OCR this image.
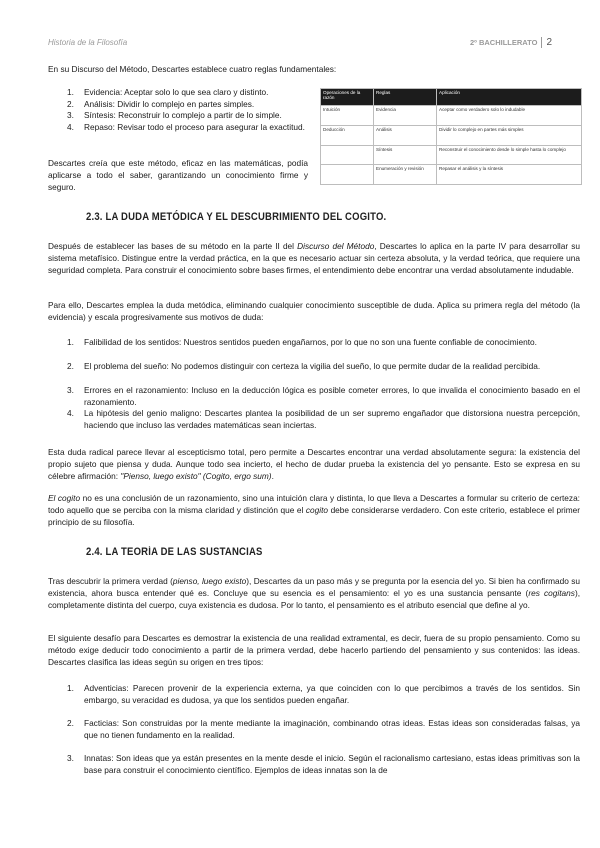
Historia de la Filosofía	2º BACHILLERATO 2

En su Discurso del Método, Descartes establece cuatro reglas fundamentales:

1. Evidencia: Aceptar solo lo que sea claro y distinto.

2. Análisis: Dividir lo complejo en partes simples.

3. Síntesis: Reconstruir lo complejo a partir de lo simple.

4. Repaso: Revisar todo el proceso para asegurar la exactitud.

Descartes creía que este método, eficaz en las matemáticas, podía aplicarse a todo el saber, garantizando un conocimiento firme y seguro.

Operaciones de la razón	Reglas	Aplicación
Intuición	Evidencia	Aceptar como verdadero solo lo indudable
Deducción	Análisis	Dividir lo complejo en partes más simples
	Síntesis	Reconstruir el conocimiento desde lo simple hasta lo complejo
	Enumeración y revisión	Repasar el análisis y la síntesis
2.3. LA DUDA METÓDICA Y EL DESCUBRIMIENTO DEL COGITO.

Después de establecer las bases de su método en la parte II del Discurso del Método, Descartes lo aplica en la parte IV para desarrollar su sistema metafísico. Distingue entre la verdad práctica, en la que es necesario actuar sin certeza absoluta, y la verdad teórica, que requiere una seguridad completa. Para construir el conocimiento sobre bases firmes, el entendimiento debe encontrar una verdad absolutamente indudable.

Para ello, Descartes emplea la duda metódica, eliminando cualquier conocimiento susceptible de duda. Aplica su primera regla del método (la evidencia) y escala progresivamente sus motivos de duda:

1. Falibilidad de los sentidos: Nuestros sentidos pueden engañarnos, por lo que no son una fuente confiable de conocimiento.

2. El problema del sueño: No podemos distinguir con certeza la vigilia del sueño, lo que permite dudar de la realidad percibida.

3. Errores en el razonamiento: Incluso en la deducción lógica es posible cometer errores, lo que invalida el conocimiento basado en el razonamiento.

4. La hipótesis del genio maligno: Descartes plantea la posibilidad de un ser supremo engañador que distorsiona nuestra percepción, haciendo que incluso las verdades matemáticas sean inciertas.

Esta duda radical parece llevar al escepticismo total, pero permite a Descartes encontrar una verdad absolutamente segura: la existencia del propio sujeto que piensa y duda. Aunque todo sea incierto, el hecho de dudar prueba la existencia del yo pensante. Esto se expresa en su célebre afirmación: "Pienso, luego existo" (Cogito, ergo sum).

El cogito no es una conclusión de un razonamiento, sino una intuición clara y distinta, lo que lleva a Descartes a formular su criterio de certeza: todo aquello que se perciba con la misma claridad y distinción que el cogito debe considerarse verdadero. Con este criterio, establece el primer principio de su filosofía.

2.4. LA TEORÍA DE LAS SUSTANCIAS

Tras descubrir la primera verdad (pienso, luego existo), Descartes da un paso más y se pregunta por la esencia del yo. Si bien ha confirmado su existencia, ahora busca entender qué es. Concluye que su esencia es el pensamiento: el yo es una sustancia pensante (res cogitans), completamente distinta del cuerpo, cuya existencia es dudosa. Por lo tanto, el pensamiento es el atributo esencial que define al yo.

El siguiente desafío para Descartes es demostrar la existencia de una realidad extramental, es decir, fuera de su propio pensamiento. Como su método exige deducir todo conocimiento a partir de la primera verdad, debe hacerlo partiendo del pensamiento y sus contenidos: las ideas. Descartes clasifica las ideas según su origen en tres tipos:

1. Adventicias: Parecen provenir de la experiencia externa, ya que coinciden con lo que percibimos a través de los sentidos. Sin embargo, su veracidad es dudosa, ya que los sentidos pueden engañar.

2. Facticias: Son construidas por la mente mediante la imaginación, combinando otras ideas. Estas ideas son consideradas falsas, ya que no tienen fundamento en la realidad.

3. Innatas: Son ideas que ya están presentes en la mente desde el inicio. Según el racionalismo cartesiano, estas ideas primitivas son la base para construir el conocimiento científico. Ejemplos de ideas innatas son la de
